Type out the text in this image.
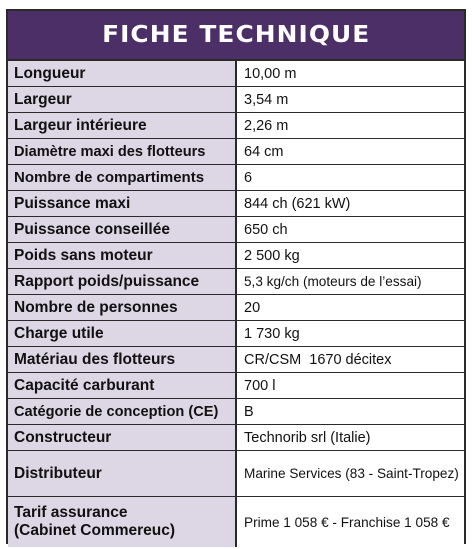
FICHE TECHNIQUE
Longueur	10,00 m
Largeur	3,54 m
Largeur intérieure	2,26 m
Diamètre maxi des flotteurs	64 cm
Nombre de compartiments	6
Puissance maxi	844 ch (621 kW)
Puissance conseillée	650 ch
Poids sans moteur	2 500 kg
Rapport poids/puissance	5,3 kg/ch (moteurs de l’essai)
Nombre de personnes	20
Charge utile	1 730 kg
Matériau des flotteurs	CR/CSM  1670 décitex
Capacité carburant	700 l
Catégorie de conception (CE)	B
Constructeur	Technorib srl (Italie)
Distributeur	Marine Services (83 - Saint-Tropez)
Tarif assurance
(Cabinet Commereuc)	Prime 1 058 € - Franchise 1 058 €
